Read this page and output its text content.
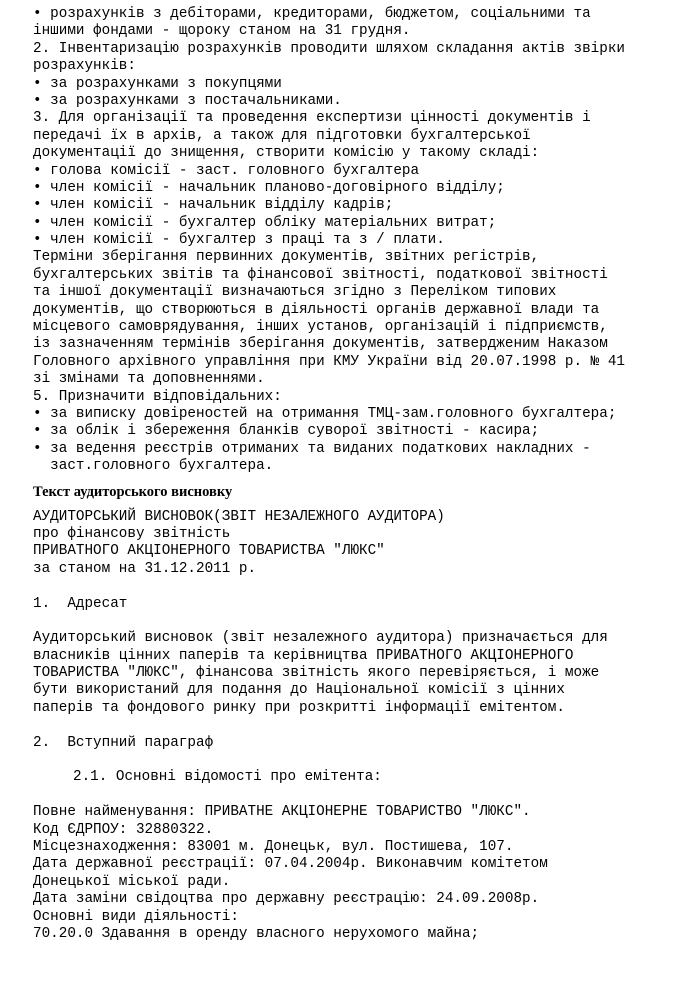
• розрахунків з дебіторами, кредиторами, бюджетом, соціальними та
іншими фондами - щороку станом на 31 грудня.
2. Інвентаризацію розрахунків проводити шляхом складання актів звірки
розрахунків:
• за розрахунками з покупцями
• за розрахунками з постачальниками.
3. Для організації та проведення експертизи цінності документів і
передачі їх в архів, а також для підготовки бухгалтерської
документації до знищення, створити комісію у такому складі:
• голова комісії - заст. головного бухгалтера
• член комісії - начальник планово-договірного відділу;
• член комісії - начальник відділу кадрів;
• член комісії - бухгалтер обліку матеріальних витрат;
• член комісії - бухгалтер з праці та з / плати.
Терміни зберігання первинних документів, звітних регістрів,
бухгалтерських звітів та фінансової звітності, податкової звітності
та іншої документації визначаються згідно з Переліком типових
документів, що створюються в діяльності органів державної влади та
місцевого самоврядування, інших установ, організацій і підприємств,
із зазначенням термінів зберігання документів, затвердженим Наказом
Головного архівного управління при КМУ України від 20.07.1998 р. № 41
зі змінами та доповненнями.
5. Призначити відповідальних:
• за виписку довіреностей на отримання ТМЦ-зам.головного бухгалтера;
• за облік і збереження бланків суворої звітності - касира;
• за ведення реєстрів отриманих та виданих податкових накладних -
заст.головного бухгалтера.
Текст аудиторського висновку
АУДИТОРСЬКИЙ ВИСНОВОК(ЗВІТ НЕЗАЛЕЖНОГО АУДИТОРА)
про фінансову звітність
ПРИВАТНОГО АКЦІОНЕРНОГО ТОВАРИСТВА "ЛЮКС"
за станом на 31.12.2011 р.
1.  Адресат
Аудиторський висновок (звіт незалежного аудитора) призначається для
власників цінних паперів та керівництва ПРИВАТНОГО АКЦІОНЕРНОГО
ТОВАРИСТВА "ЛЮКС", фінансова звітність якого перевіряється, і може
бути використаний для подання до Національної комісії з цінних
паперів та фондового ринку при розкритті інформації емітентом.
2.  Вступний параграф
2.1. Основні відомості про емітента:
Повне найменування: ПРИВАТНЕ АКЦІОНЕРНЕ ТОВАРИСТВО "ЛЮКС".
Код ЄДРПОУ: 32880322.
Місцезнаходження: 83001 м. Донецьк, вул. Постишева, 107.
Дата державної реєстрації: 07.04.2004р. Виконавчим комітетом
Донецької міської ради.
Дата заміни свідоцтва про державну реєстрацію: 24.09.2008р.
Основні види діяльності:
70.20.0 Здавання в оренду власного нерухомого майна;
